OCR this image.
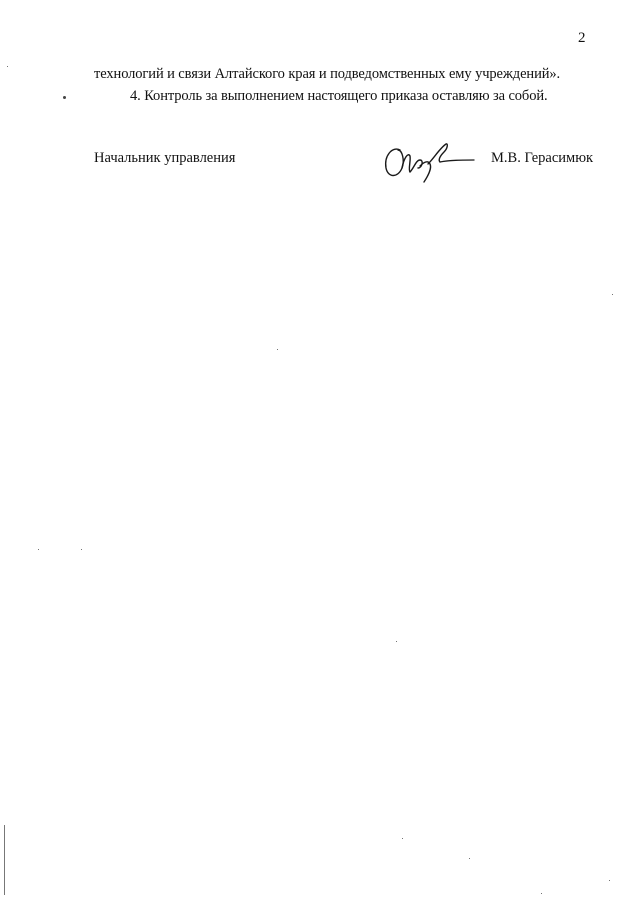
2
технологий и связи Алтайского края и подведомственных ему учреждений».
4. Контроль за выполнением настоящего приказа оставляю за собой.
Начальник управления	М.В. Герасимюк
